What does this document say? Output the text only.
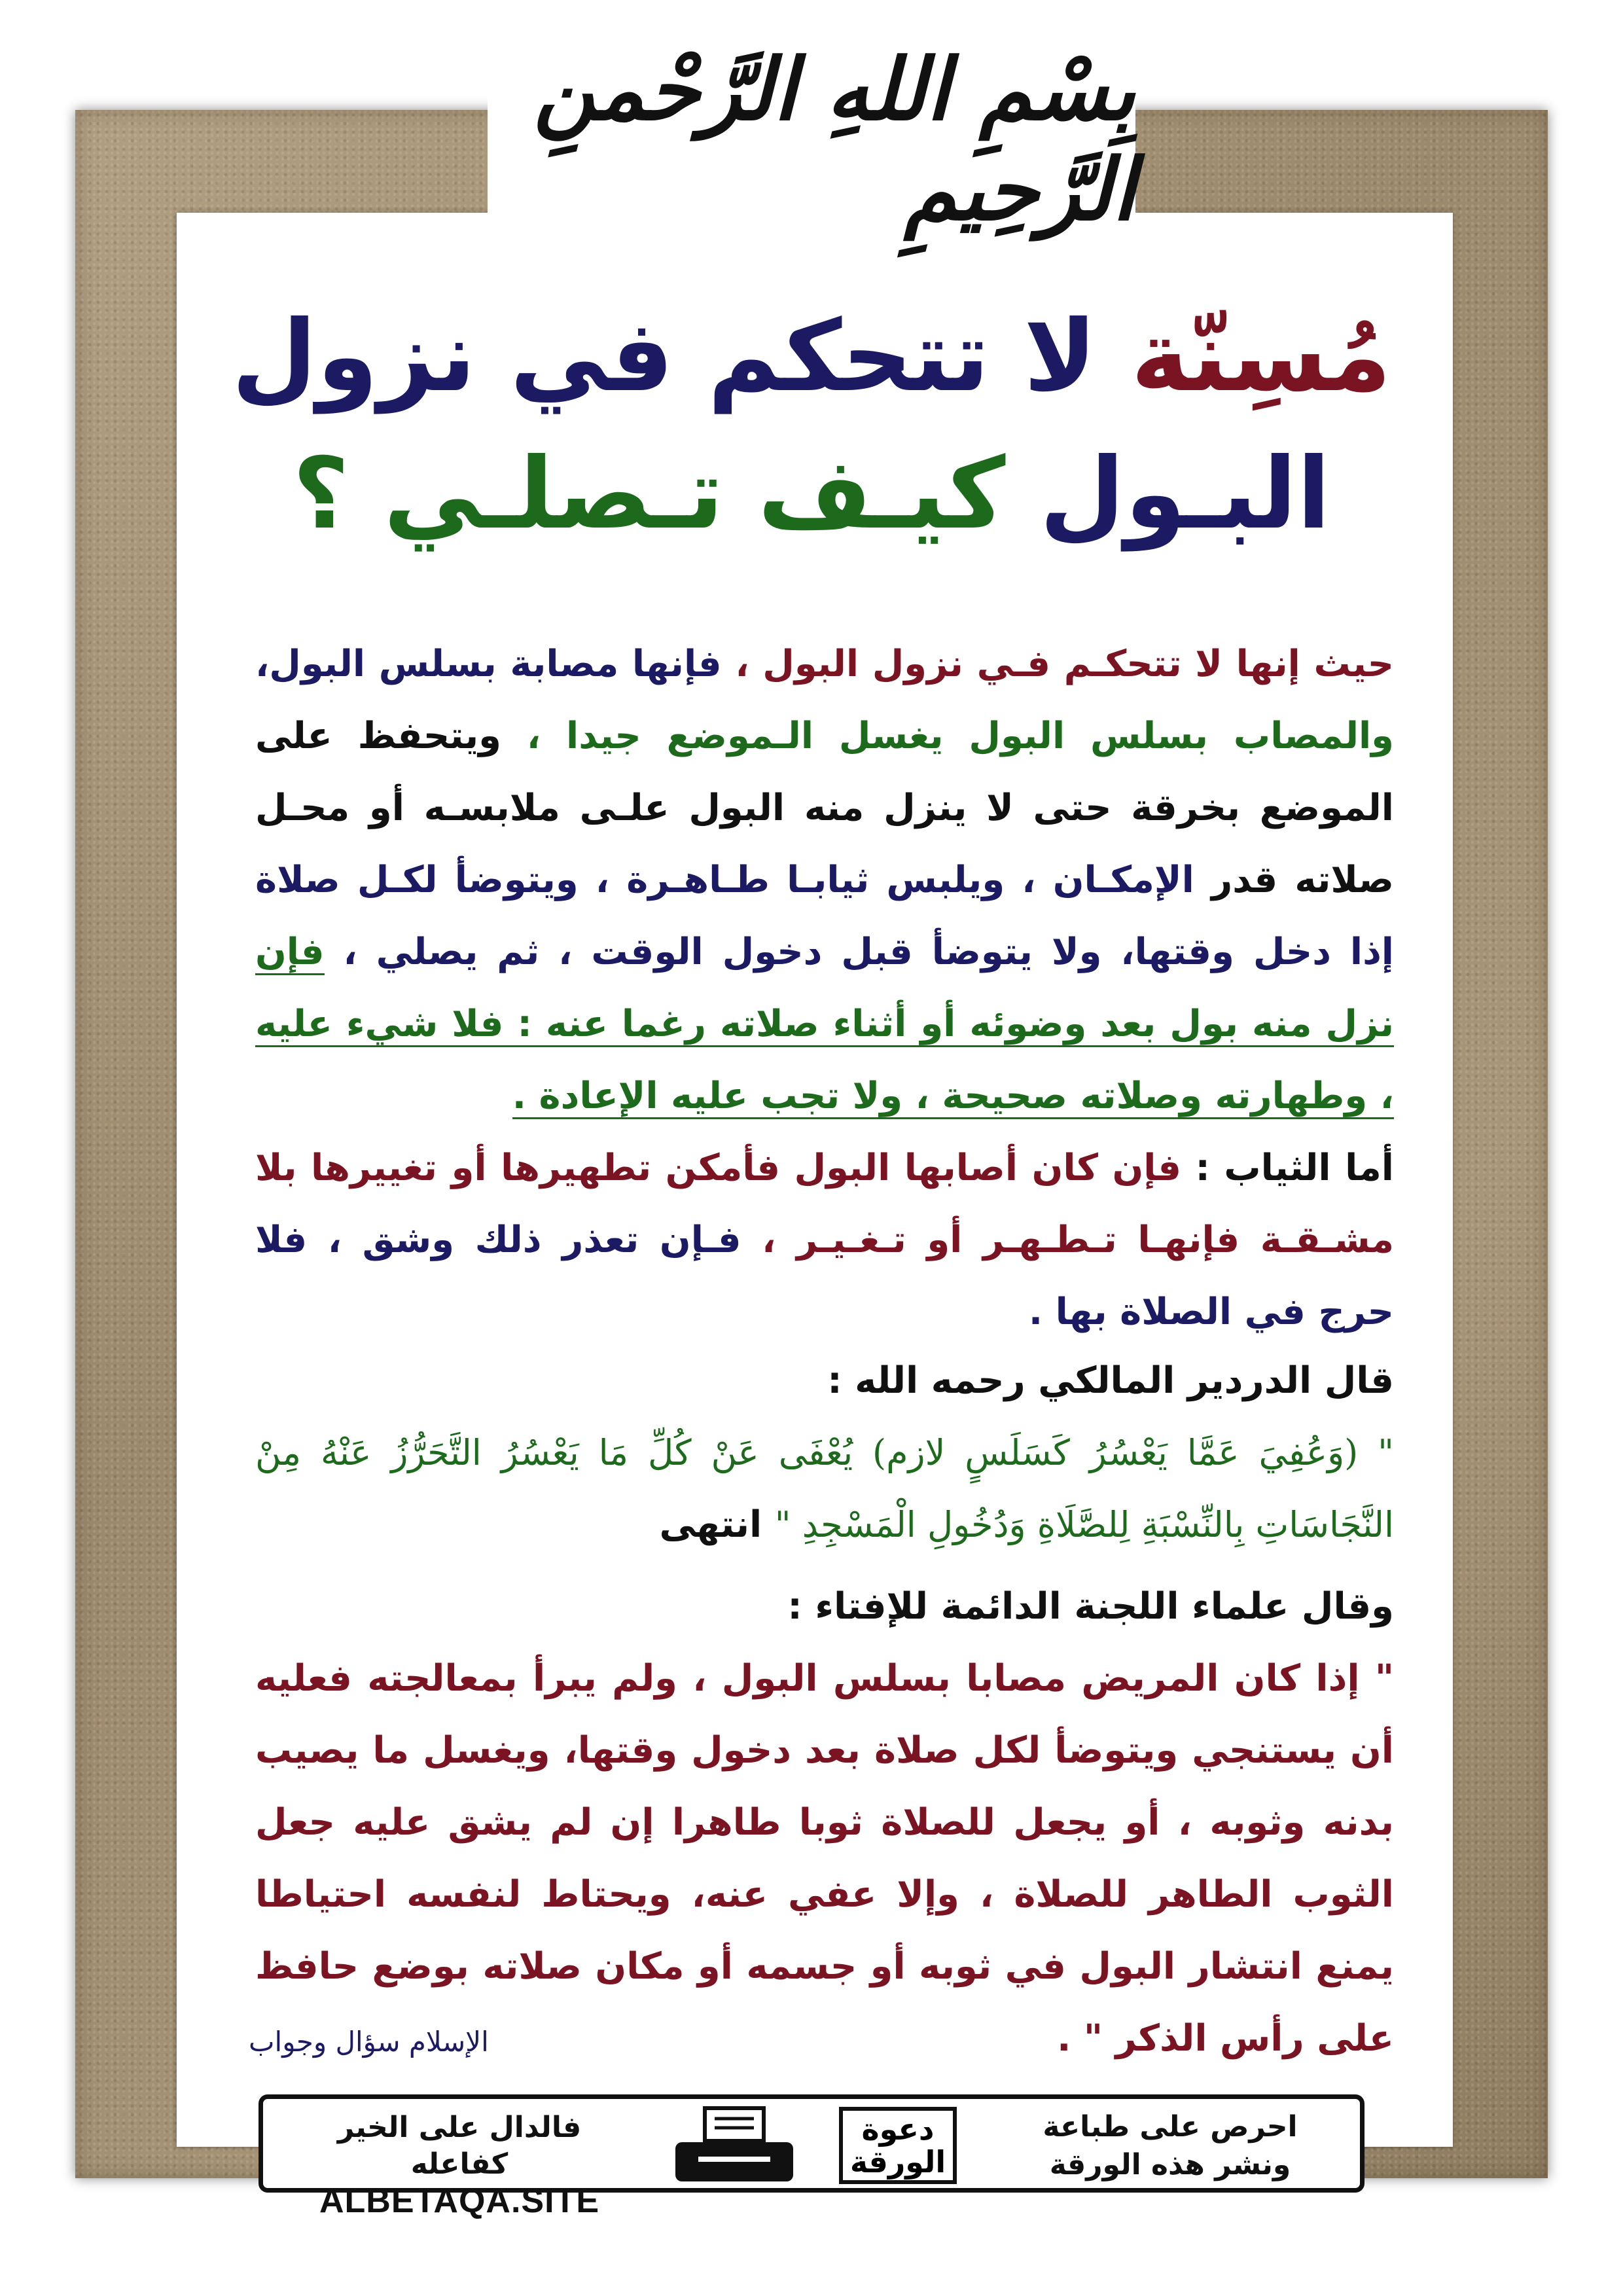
بِسْمِ اللهِ الرَّحْمنِ الرَّحِيمِ
مُسِنّة لا تتحكم في نزول
البـول كيـف تـصلـي ؟
حيث إنها لا تتحكـم فـي نزول البول ، فإنها مصابة بسلس البول، والمصاب بسلس البول يغسل الـموضع جيدا ، ويتحفظ على الموضع بخرقة حتى لا ينزل منه البول علـى ملابسـه أو محـل صلاته قدر الإمكـان ، ويلبس ثيابـا طـاهـرة ، ويتوضأ لكـل صلاة إذا دخل وقتها، ولا يتوضأ قبل دخول الوقت ، ثم يصلي ، فإن نزل منه بول بعد وضوئه أو أثناء صلاته رغما عنه : فلا شيء عليه ، وطهارته وصلاته صحيحة ، ولا تجب عليه الإعادة .
أما الثياب : فإن كان أصابها البول فأمكن تطهيرها أو تغييرها بلا مشـقـة فإنهـا تـطـهـر أو تـغـيـر ، فـإن تعذر ذلك وشق ، فلا حرج في الصلاة بها .
قال الدردير المالكي رحمه الله :
" (وَعُفِيَ عَمَّا يَعْسُرُ كَسَلَسٍ لازم) يُعْفَى عَنْ كُلِّ مَا يَعْسُرُ التَّحَرُّزُ عَنْهُ مِنْ النَّجَاسَاتِ بِالنِّسْبَةِ لِلصَّلَاةِ وَدُخُولِ الْمَسْجِدِ " انتهى
وقال علماء اللجنة الدائمة للإفتاء :
" إذا كان المريض مصابا بسلس البول ، ولم يبرأ بمعالجته فعليه أن يستنجي ويتوضأ لكل صلاة بعد دخول وقتها، ويغسل ما يصيب بدنه وثوبه ، أو يجعل للصلاة ثوبا طاهرا إن لم يشق عليه جعل الثوب الطاهر للصلاة ، وإلا عفي عنه، ويحتاط لنفسه احتياطا يمنع انتشار البول في ثوبه أو جسمه أو مكان صلاته بوضع حافظ على رأس الذكر " .
الإسلام سؤال وجواب
احرص على طباعة
ونشر هذه الورقة
دعوة
الورقة
فالدال على الخير كفاعله
ALBETAQA.SITE
